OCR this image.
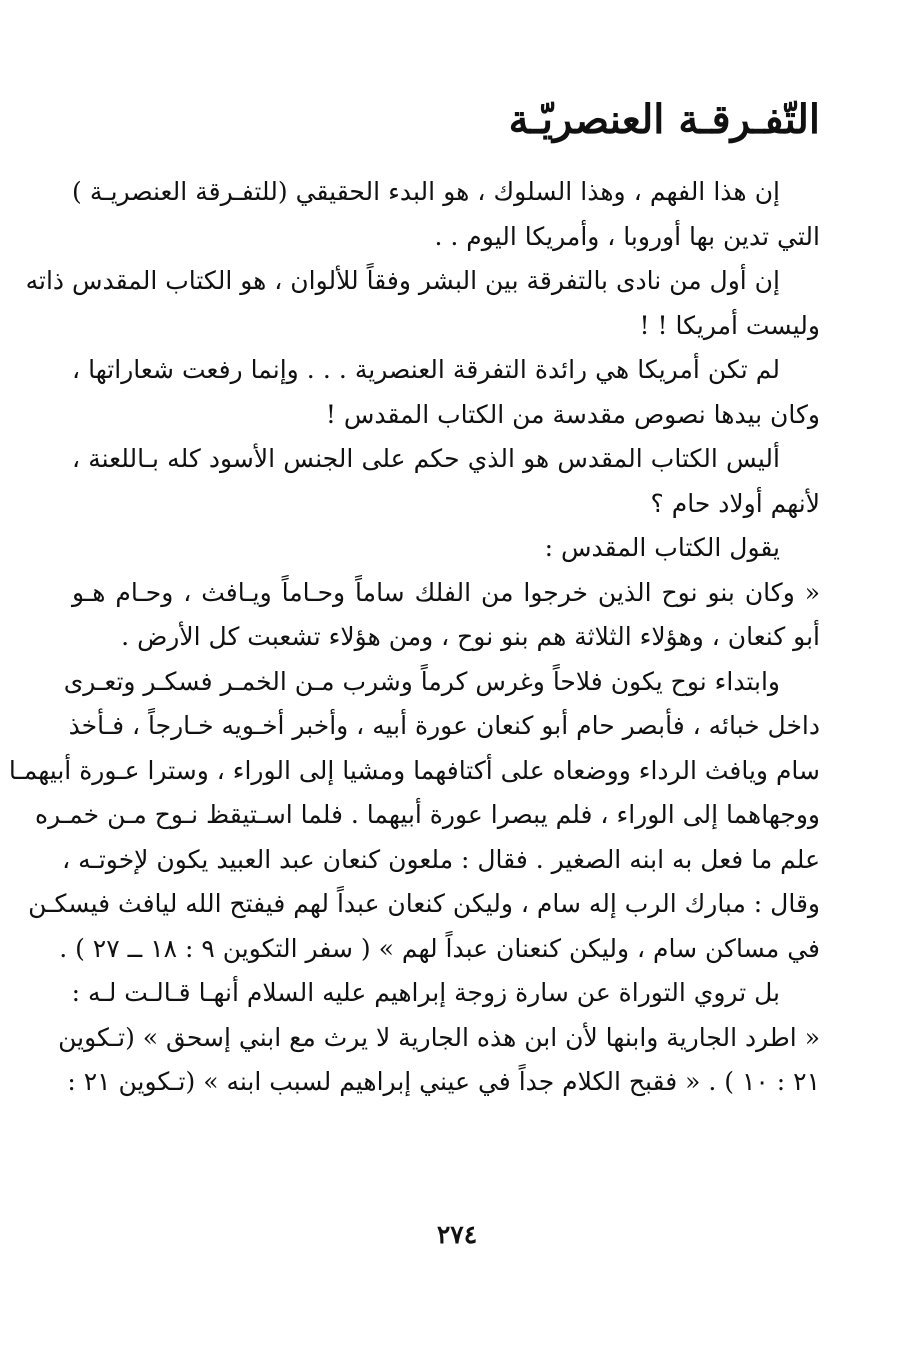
التّفـرقـة العنصريّـة
إن هذا الفهم ، وهذا السلوك ، هو البدء الحقيقي (للتفـرقة العنصريـة )
التي تدين بها أوروبا ، وأمريكا اليوم . .
إن أول من نادى بالتفرقة بين البشر وفقاً للألوان ، هو الكتاب المقدس ذاته
وليست أمريكا ! !
لم تكن أمريكا هي رائدة التفرقة العنصرية . . . وإنما رفعت شعاراتها ،
وكان بيدها نصوص مقدسة من الكتاب المقدس !
أليس الكتاب المقدس هو الذي حكم على الجنس الأسود كله بـاللعنة ،
لأنهم أولاد حام ؟
يقول الكتاب المقدس :
« وكان بنو نوح الذين خرجوا من الفلك ساماً وحـاماً ويـافث ، وحـام هـو
أبو كنعان ، وهؤلاء الثلاثة هم بنو نوح ، ومن هؤلاء تشعبت كل الأرض .
وابتداء نوح يكون فلاحاً وغرس كرماً وشرب مـن الخمـر فسكـر وتعـرى
داخل خبائه ، فأبصر حام أبو كنعان عورة أبيه ، وأخبر أخـويه خـارجاً ، فـأخذ
سام ويافث الرداء ووضعاه على أكتافهما ومشيا إلى الوراء ، وسترا عـورة أبيهمـا
ووجهاهما إلى الوراء ، فلم يبصرا عورة أبيهما . فلما اسـتيقظ نـوح مـن خمـره
علم ما فعل به ابنه الصغير . فقال : ملعون كنعان عبد العبيد يكون لإخوتـه ،
وقال : مبارك الرب إله سام ، وليكن كنعان عبداً لهم فيفتح الله ليافث فيسكـن
في مساكن سام ، وليكن كنعنان عبداً لهم » ( سفر التكوين ٩ : ١٨ ــ ٢٧ ) .
بل تروي التوراة عن سارة زوجة إبراهيم عليه السلام أنهـا قـالـت لـه :
« اطرد الجارية وابنها لأن ابن هذه الجارية لا يرث مع ابني إسحق » (تـكوين
٢١ : ١٠ ) . « فقبح الكلام جداً في عيني إبراهيم لسبب ابنه » (تـكوين ٢١ :
٢٧٤
